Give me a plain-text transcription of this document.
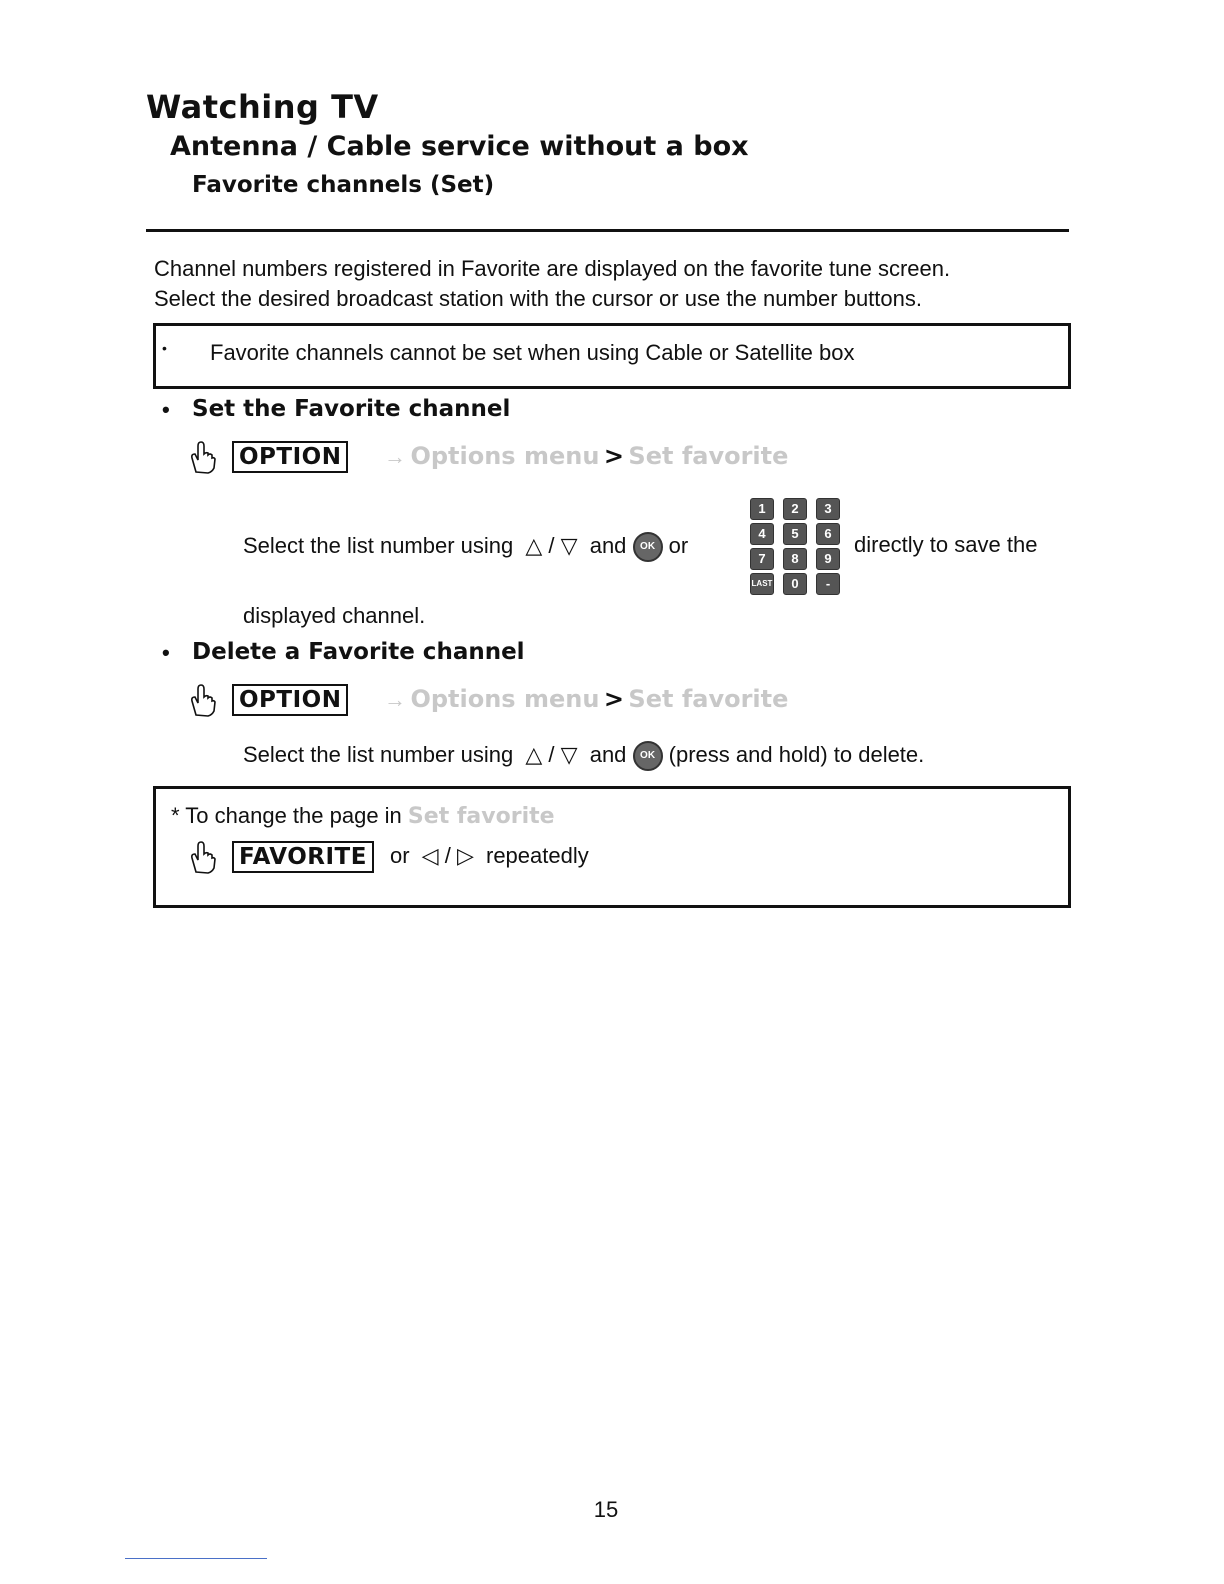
Watching TV
Antenna / Cable service without a box
Favorite channels (Set)
Channel numbers registered in Favorite are displayed on the favorite tune screen.
Select the desired broadcast station with the cursor or use the number buttons.
• Favorite channels cannot be set when using Cable or Satellite box
• Set the Favorite channel
OPTION	→ Options menu > Set favorite
Select the list number using △ / ▽ and OK or
1	2	3
4	5	6
7	8	9
LAST	0	-
directly to save the
displayed channel.
• Delete a Favorite channel
OPTION	→ Options menu > Set favorite
Select the list number using △ / ▽ and OK (press and hold) to delete.
* To change the page in Set favorite
FAVORITE	or ◁ / ▷ repeatedly
15
